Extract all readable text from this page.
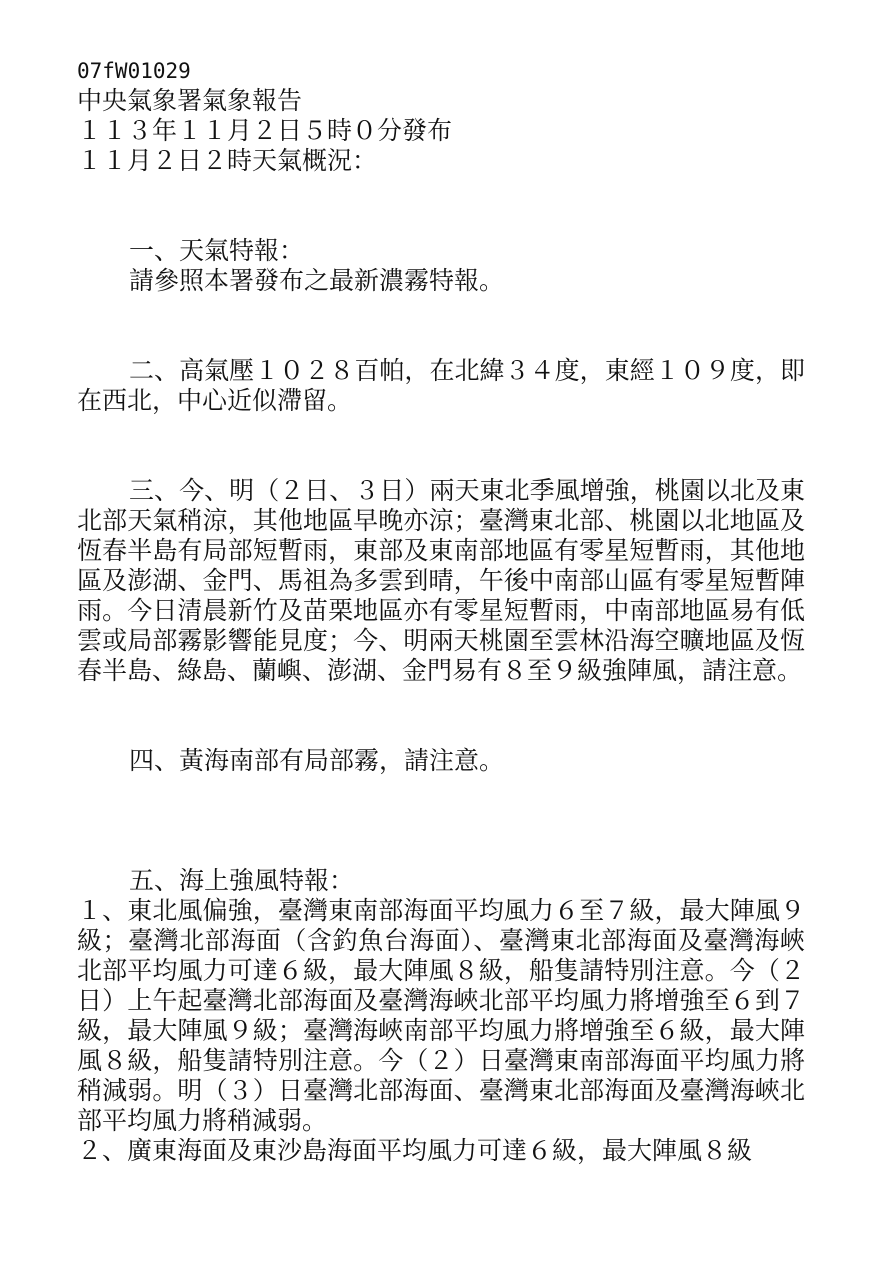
07fW01029
中央氣象署氣象報告
１１３年１１月２日５時０分發布
１１月２日２時天氣概況：
一、天氣特報：
請參照本署發布之最新濃霧特報。

二、高氣壓１０２８百帕，在北緯３４度，東經１０９度，即在西北，中心近似滯留。

三、今、明（２日、３日）兩天東北季風增強，桃園以北及東北部天氣稍涼，其他地區早晚亦涼；臺灣東北部、桃園以北地區及恆春半島有局部短暫雨，東部及東南部地區有零星短暫雨，其他地區及澎湖、金門、馬祖為多雲到晴，午後中南部山區有零星短暫陣雨。今日清晨新竹及苗栗地區亦有零星短暫雨，中南部地區易有低雲或局部霧影響能見度；今、明兩天桃園至雲林沿海空曠地區及恆春半島、綠島、蘭嶼、澎湖、金門易有８至９級強陣風，請注意。

四、黃海南部有局部霧，請注意。
五、海上強風特報：

１、東北風偏強，臺灣東南部海面平均風力６至７級，最大陣風９級；臺灣北部海面（含釣魚台海面）、臺灣東北部海面及臺灣海峽北部平均風力可達６級，最大陣風８級，船隻請特別注意。今（２日）上午起臺灣北部海面及臺灣海峽北部平均風力將增強至６到７級，最大陣風９級；臺灣海峽南部平均風力將增強至６級，最大陣風８級，船隻請特別注意。今（２）日臺灣東南部海面平均風力將稍減弱。明（３）日臺灣北部海面、臺灣東北部海面及臺灣海峽北部平均風力將稍減弱。

２、廣東海面及東沙島海面平均風力可達６級，最大陣風８級
